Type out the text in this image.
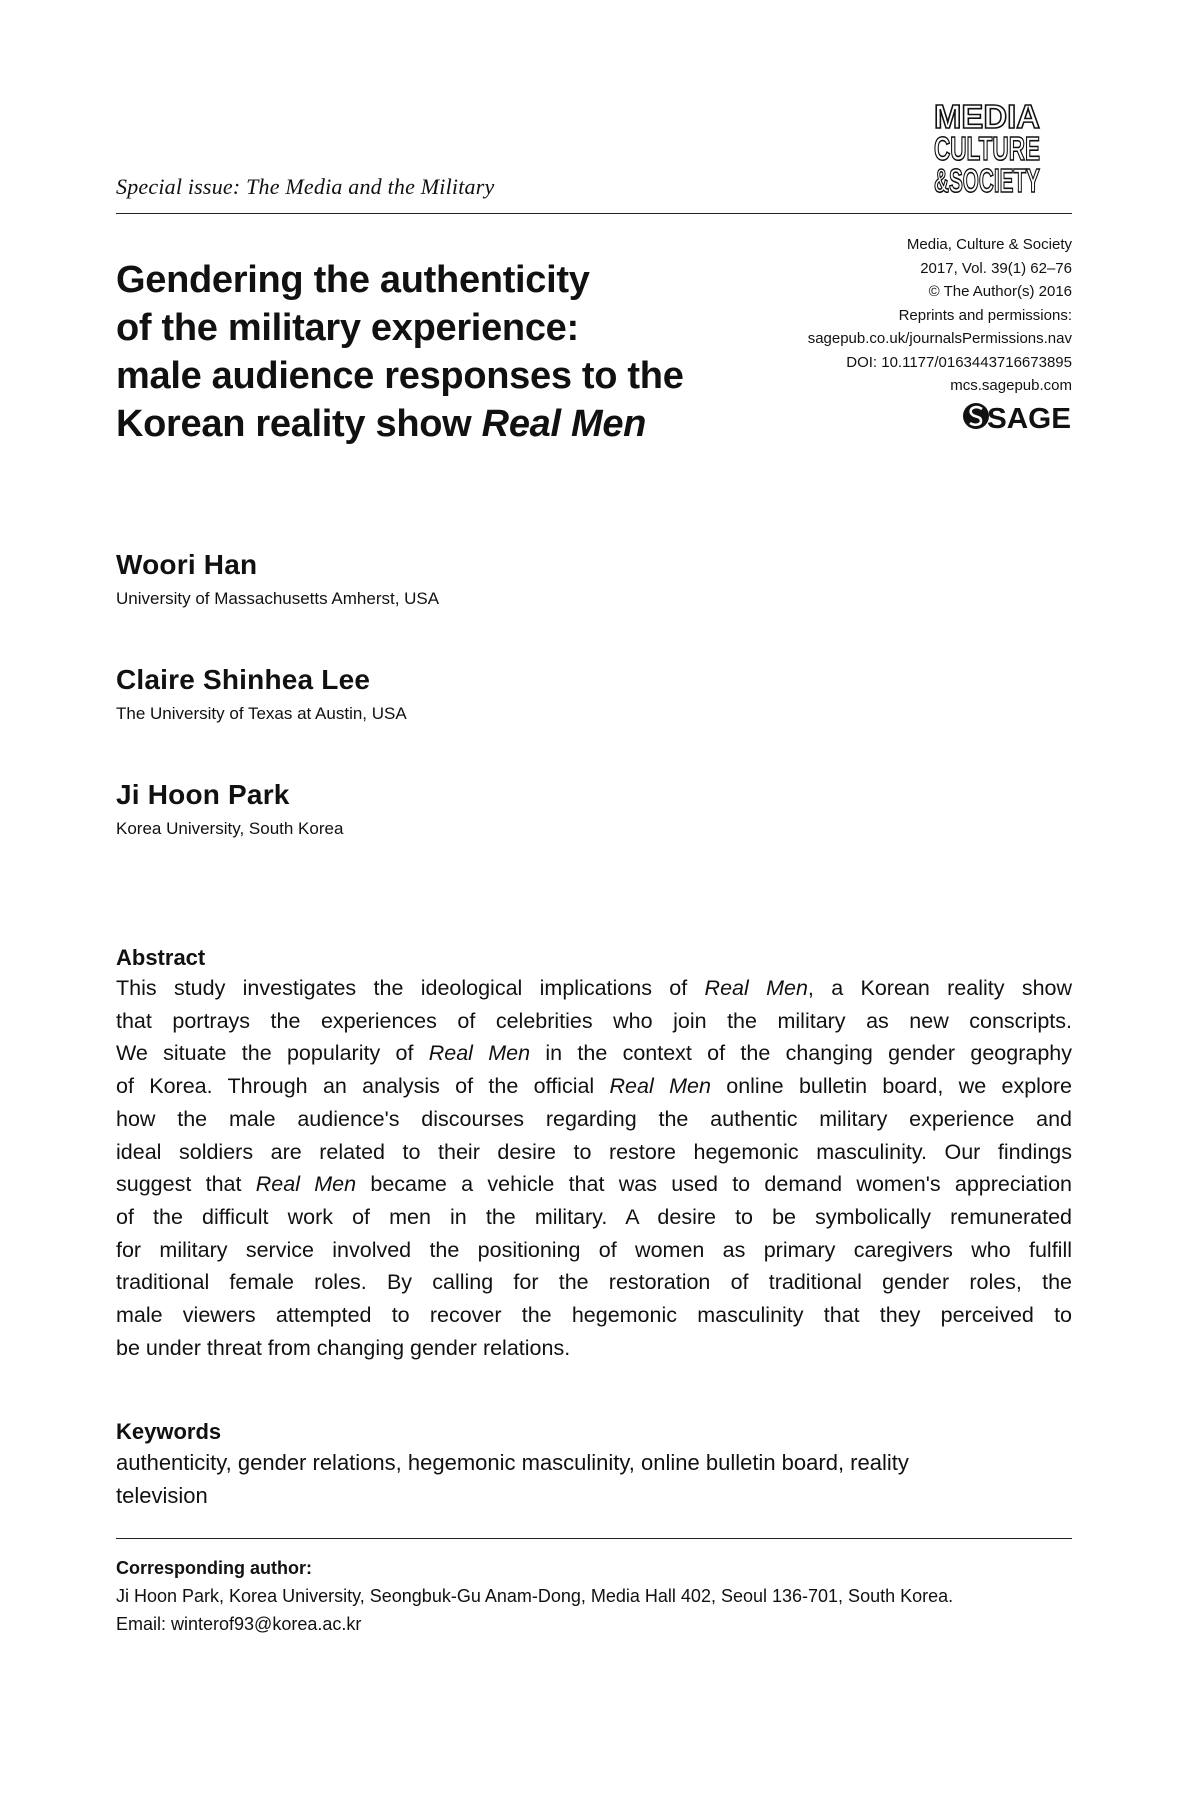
MEDIA
CULTURE
&SOCIETY
Special issue: The Media and the Military
Gendering the authenticity
of the military experience:
male audience responses to the
Korean reality show Real Men
Media, Culture & Society
2017, Vol. 39(1) 62–76
© The Author(s) 2016
Reprints and permissions:
sagepub.co.uk/journalsPermissions.nav
DOI: 10.1177/0163443716673895
mcs.sagepub.com
SAGE
Woori Han
University of Massachusetts Amherst, USA
Claire Shinhea Lee
The University of Texas at Austin, USA
Ji Hoon Park
Korea University, South Korea
Abstract
This study investigates the ideological implications of Real Men, a Korean reality show
that portrays the experiences of celebrities who join the military as new conscripts.
We situate the popularity of Real Men in the context of the changing gender geography
of Korea. Through an analysis of the official Real Men online bulletin board, we explore
how the male audience's discourses regarding the authentic military experience and
ideal soldiers are related to their desire to restore hegemonic masculinity. Our findings
suggest that Real Men became a vehicle that was used to demand women's appreciation
of the difficult work of men in the military. A desire to be symbolically remunerated
for military service involved the positioning of women as primary caregivers who fulfill
traditional female roles. By calling for the restoration of traditional gender roles, the
male viewers attempted to recover the hegemonic masculinity that they perceived to
be under threat from changing gender relations.
Keywords
authenticity, gender relations, hegemonic masculinity, online bulletin board, reality
television
Corresponding author:
Ji Hoon Park, Korea University, Seongbuk-Gu Anam-Dong, Media Hall 402, Seoul 136-701, South Korea.
Email: winterof93@korea.ac.kr
